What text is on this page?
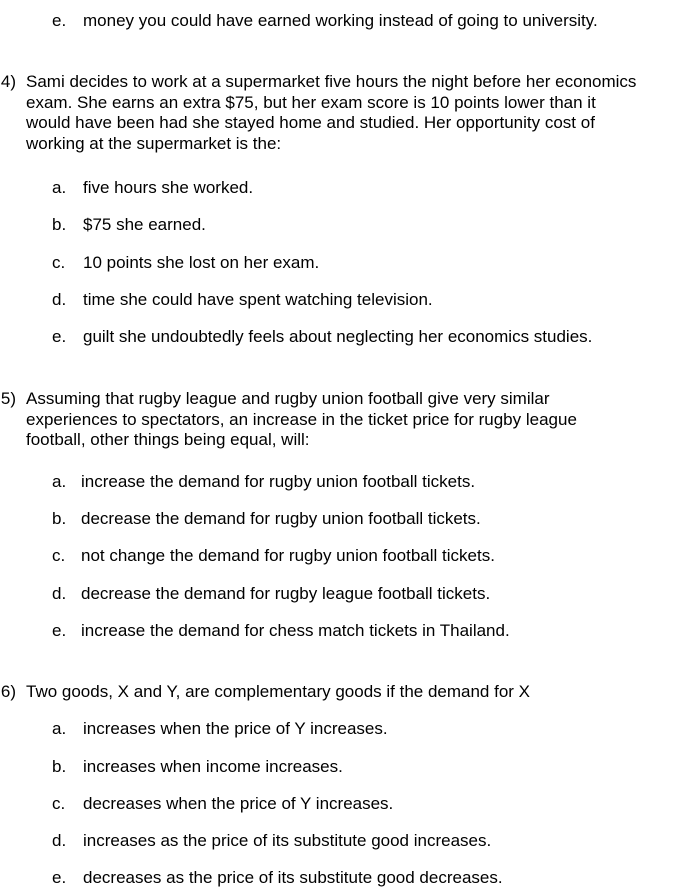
e. money you could have earned working instead of going to university.
4) Sami decides to work at a supermarket five hours the night before her economics
exam. She earns an extra $75, but her exam score is 10 points lower than it
would have been had she stayed home and studied. Her opportunity cost of
working at the supermarket is the:
a. five hours she worked.
b. $75 she earned.
c.	10 points she lost on her exam.
d. time she could have spent watching television.
e. guilt she undoubtedly feels about neglecting her economics studies.
5) Assuming that rugby league and rugby union football give very similar
experiences to spectators, an increase in the ticket price for rugby league
football, other things being equal, will:
a. increase the demand for rugby union football tickets.
b. decrease the demand for rugby union football tickets.
c. not change the demand for rugby union football tickets.
d. decrease the demand for rugby league football tickets.
e. increase the demand for chess match tickets in Thailand.
6) Two goods, X and Y, are complementary goods if the demand for X
a. increases when the price of Y increases.
b. increases when income increases.
c.	decreases when the price of Y increases.
d. increases as the price of its substitute good increases.
e. decreases as the price of its substitute good decreases.
